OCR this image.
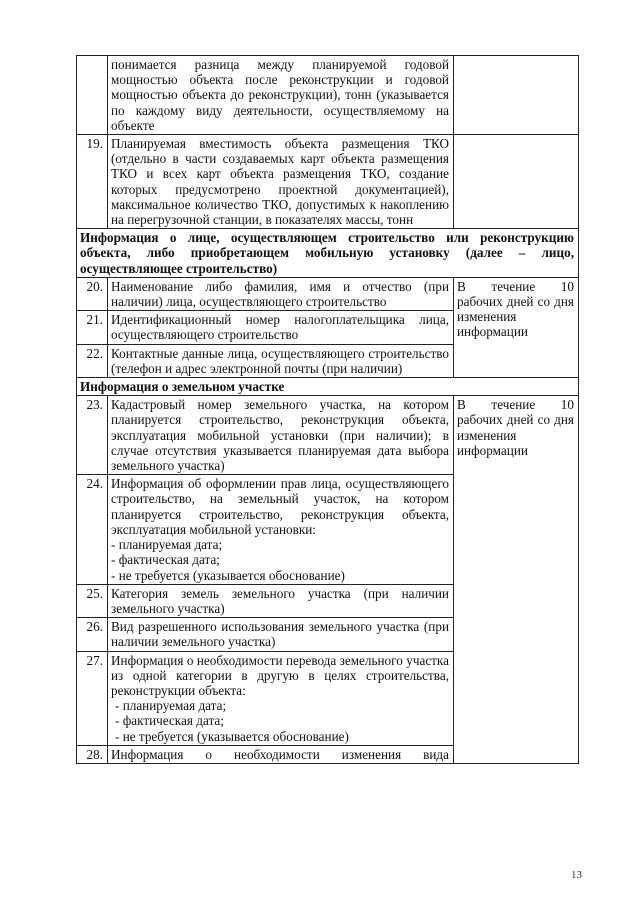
	понимается разница между планируемой годовой мощностью объекта после реконструкции и годовой мощностью объекта до реконструкции), тонн (указывается по каждому виду деятельности, осуществляемому на объекте	
19.	Планируемая вместимость объекта размещения ТКО (отдельно в части создаваемых карт объекта размещения ТКО и всех карт объекта размещения ТКО, создание которых предусмотрено проектной документацией), максимальное количество ТКО, допустимых к накоплению на перегрузочной станции, в показателях массы, тонн	
Информация о лице, осуществляющем строительство или реконструкцию объекта, либо приобретающем мобильную установку (далее – лицо, осуществляющее строительство)		
20.	Наименование либо фамилия, имя и отчество (при наличии) лица, осуществляющего строительство	В течение 10 рабочих дней со дня изменения информации
21.	Идентификационный номер налогоплательщика лица, осуществляющего строительство	
22.	Контактные данные лица, осуществляющего строительство (телефон и адрес электронной почты (при наличии)	
Информация о земельном участке		
23.	Кадастровый номер земельного участка, на котором планируется строительство, реконструкция объекта, эксплуатация мобильной установки (при наличии); в случае отсутствия указывается планируемая дата выбора земельного участка)	В течение 10 рабочих дней со дня изменения информации
24.	Информация об оформлении прав лица, осуществляющего строительство, на земельный участок, на котором планируется строительство, реконструкция объекта, эксплуатация мобильной установки:
- планируемая дата;
- фактическая дата;
- не требуется (указывается обоснование)	

25.	Категория земель земельного участка (при наличии земельного участка)	
26.	Вид разрешенного использования земельного участка (при наличии земельного участка)	
27.	Информация о необходимости перевода земельного участка из одной категории в другую в целях строительства, реконструкции объекта:
- планируемая дата;
- фактическая дата;
- не требуется (указывается обоснование)	

28.	Информация о необходимости изменения вида	
13
